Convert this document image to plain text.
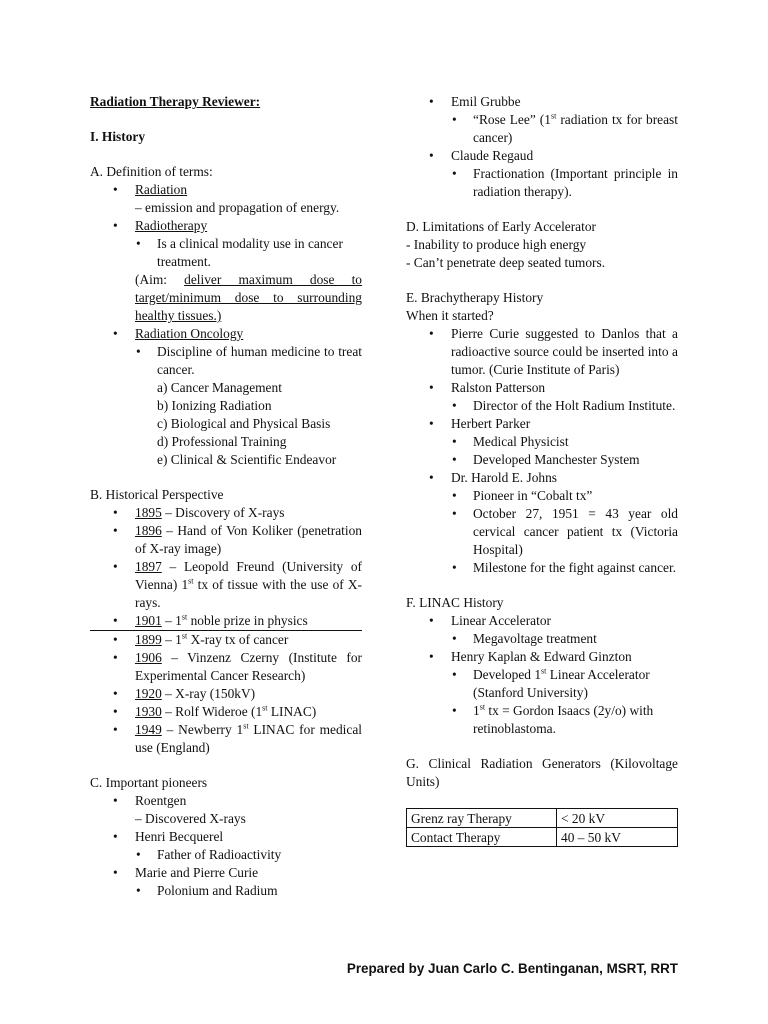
Radiation Therapy Reviewer:

I. History

A. Definition of terms:

• Radiation
– emission and propagation of energy.
• Radiotherapy
• Is a clinical modality use in cancer treatment.

(Aim: deliver maximum dose to target/minimum dose to surrounding healthy tissues.)

• Radiation Oncology
• Discipline of human medicine to treat cancer.
a) Cancer Management
b) Ionizing Radiation
c) Biological and Physical Basis
d) Professional Training
e) Clinical & Scientific Endeavor

B. Historical Perspective

• 1895 – Discovery of X-rays
• 1896 – Hand of Von Koliker (penetration of X-ray image)
• 1897 – Leopold Freund (University of Vienna) 1st tx of tissue with the use of X-rays.
• 1901 – 1st noble prize in physics
• 1899 – 1st X-ray tx of cancer
• 1906 – Vinzenz Czerny (Institute for Experimental Cancer Research)
• 1920 – X-ray (150kV)
• 1930 – Rolf Wideroe (1st LINAC)
• 1949 – Newberry 1st LINAC for medical use (England)

C. Important pioneers

• Roentgen
– Discovered X-rays
• Henri Becquerel
• Father of Radioactivity
• Marie and Pierre Curie
• Polonium and Radium
• Emil Grubbe
• “Rose Lee” (1st radiation tx for breast cancer)
• Claude Regaud
• Fractionation (Important principle in radiation therapy).

D. Limitations of Early Accelerator

- Inability to produce high energy

- Can’t penetrate deep seated tumors.

E. Brachytherapy History

When it started?

• Pierre Curie suggested to Danlos that a radioactive source could be inserted into a tumor. (Curie Institute of Paris)
• Ralston Patterson
• Director of the Holt Radium Institute.
• Herbert Parker
• Medical Physicist
• Developed Manchester System
• Dr. Harold E. Johns
• Pioneer in “Cobalt tx”
• October 27, 1951 = 43 year old cervical cancer patient tx (Victoria Hospital)
• Milestone for the fight against cancer.

F. LINAC History

• Linear Accelerator
• Megavoltage treatment
• Henry Kaplan & Edward Ginzton
• Developed 1st Linear Accelerator (Stanford University)
• 1st tx = Gordon Isaacs (2y/o) with retinoblastoma.

G. Clinical Radiation Generators (Kilovoltage Units)

Grenz ray Therapy	< 20 kV
Contact Therapy	40 – 50 kV
Prepared by Juan Carlo C. Bentinganan, MSRT, RRT
